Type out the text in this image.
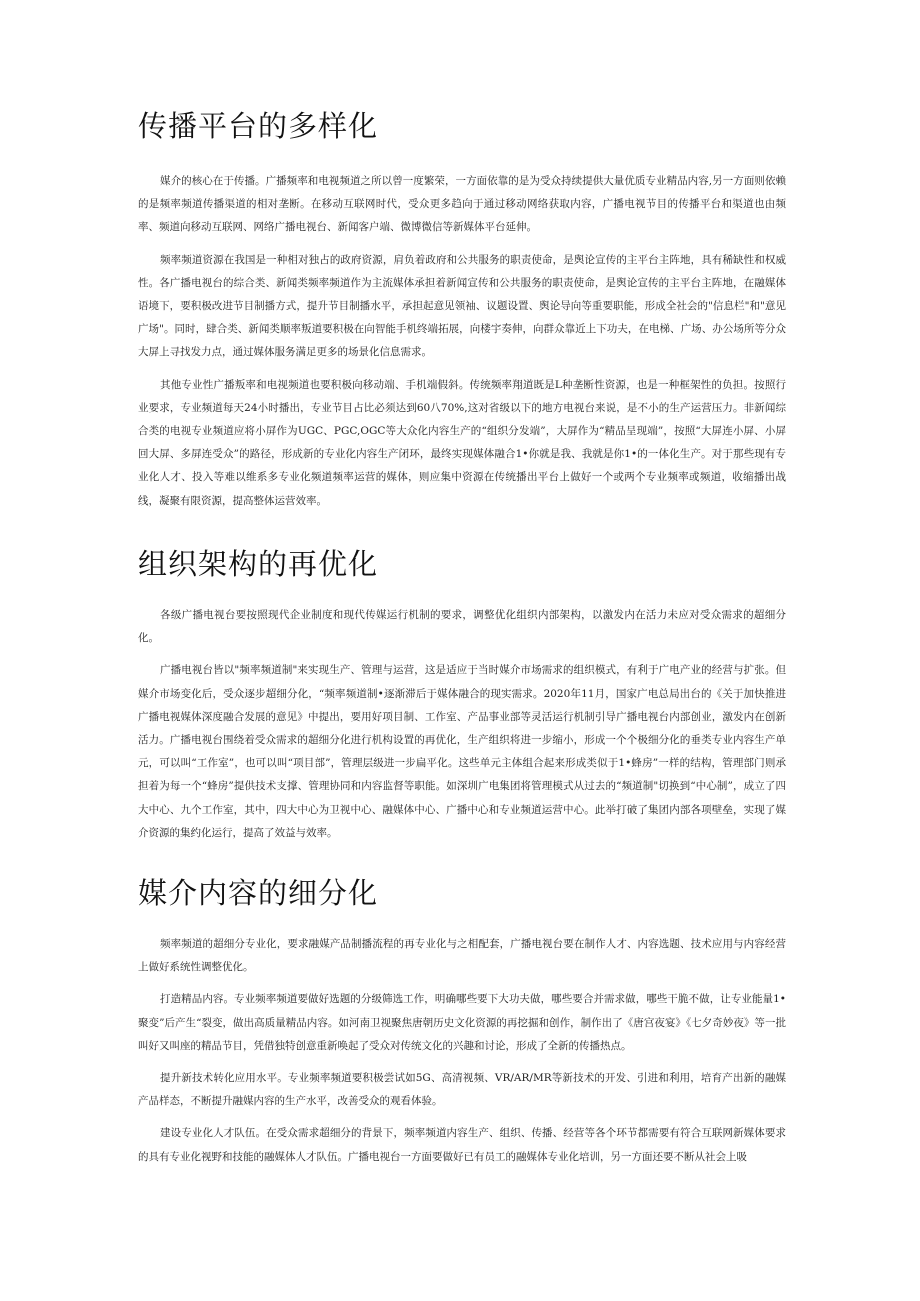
传播平台的多样化

媒介的核心在于传播。广播频率和电视频道之所以曾一度繁荣，一方面依靠的是为受众持续提供大量优质专业精品内容,另一方面则依赖的是频率频道传播渠道的相对垄断。在移动互联网时代，受众更多趋向于通过移动网络获取内容，广播电视节目的传播平台和渠道也由频率、频道向移动互联网、网络广播电视台、新闻客户端、微博微信等新媒体平台延伸。

频率频道资源在我国是一种相对独占的政府资源，肩负着政府和公共服务的职责使命，是舆论宣传的主平台主阵地，具有稀缺性和权威性。各广播电视台的综合类、新闻类频率频道作为主流媒体承担着新闻宣传和公共服务的职责使命，是舆论宣传的主平台主阵地，在融媒体语境下，要积极改进节目制播方式，提升节目制播水平，承担起意见领袖、议题设置、舆论导向等重要职能，形成全社会的"信息栏"和"意见广场"。同时，肆合类、新闻类顺率叛道要积极在向智能手机终端拓展，向楼宇奏伸，向群众靠近上下功夫，在电梯、广场、办公场所等分众大屏上寻找发力点，通过媒体服务满足更多的场景化信息需求。

其他专业性广播叛率和电视频道也要积极向移动端、手机端假斜。传统频率翔道既是L种垄断性资源，也是一种框架性的负担。按照行业要求，专业频道每天24小时播出，专业节目占比必须达到60八70%,这对省级以下的地方电视台来说，是不小的生产运营压力。非新闻综合类的电视专业频道应将小屏作为UGC、PGC,OGC等大众化内容生产的“组织分发端”，大屏作为“精品呈现端”，按照“大屏连小屏、小屏回大屏、多屏连受众”的路径，形成新的专业化内容生产闭环，最终实现媒体融合1•你就是我、我就是你1•的一体化生产。对于那些现有专业化人才、投入等难以维系多专业化频道频率运营的媒体，则应集中资源在传统播出平台上做好一个或两个专业频率或频道，收缩播出战线，凝聚有限资源，提高整体运营效率。

组织架构的再优化

各级广播电视台要按照现代企业制度和现代传媒运行机制的要求，调整优化组织内部架构，以激发内在活力未应对受众需求的超细分化。

广播电视台皆以"频率频道制"来实现生产、管理与运营，这是适应于当时媒介市场需求的组织模式，有利于广电产业的经营与扩张。但媒介市场变化后，受众逐步超细分化，“频率频道制•逐渐滞后于媒体融合的现实需求。2020年11月，国家广电总局出台的《关于加快推进广播电视媒体深度融合发展的意见》中提出，要用好项目制、工作室、产品事业部等灵活运行机制引导广播电视台内部创业，激发内在创新活力。广播电视台围绕着受众需求的超细分化进行机构设置的再优化，生产组织将进一步缩小，形成一个个极细分化的垂类专业内容生产单元，可以叫“工作室”，也可以叫“项目部”，管理层级进一步扁平化。这些单元主体组合起来形成类似于1•蜂房”一样的结构，管理部门则承担着为每一个“蜂房”提供技术支撑、管理协同和内容监督等职能。如深圳广电集团将管理模式从过去的“频道制"切换到“中心制”，成立了四大中心、九个工作室，其中，四大中心为卫视中心、融媒体中心、广播中心和专业频道运营中心。此举打破了集团内部各项壁垒，实现了媒介资源的集约化运行，提高了效益与效率。

媒介内容的细分化

频率频道的超细分专业化，要求融媒产品制播流程的再专业化与之相配套，广播电视台要在制作人才、内容选题、技术应用与内容经营上做好系统性调整优化。

打造精品内容。专业频率频道要做好选题的分级筛选工作，明确哪些要下大功夫做，哪些要合并需求做，哪些干脆不做，让专业能量1•聚变”后产生“裂变，做出高质量精品内容。如河南卫视聚焦唐朝历史文化资源的再挖掘和创作，制作出了《唐宫夜宴》《七夕奇妙夜》等一批叫好又叫座的精品节目，凭借独特创意重新唤起了受众对传统文化的兴趣和讨论，形成了全新的传播热点。

提升新技术转化应用水平。专业频率频道要积极尝试如5G、高清视频、VR/AR/MR等新技术的开发、引进和利用，培育产出新的融媒产品样态，不断提升融媒内容的生产水平，改善受众的观看体验。

建设专业化人才队伍。在受众需求超细分的背景下，频率频道内容生产、组织、传播、经营等各个环节都需要有符合互联网新媒体要求的具有专业化视野和技能的融媒体人才队伍。广播电视台一方面要做好已有员工的融媒体专业化培训，另一方面还要不断从社会上吸
